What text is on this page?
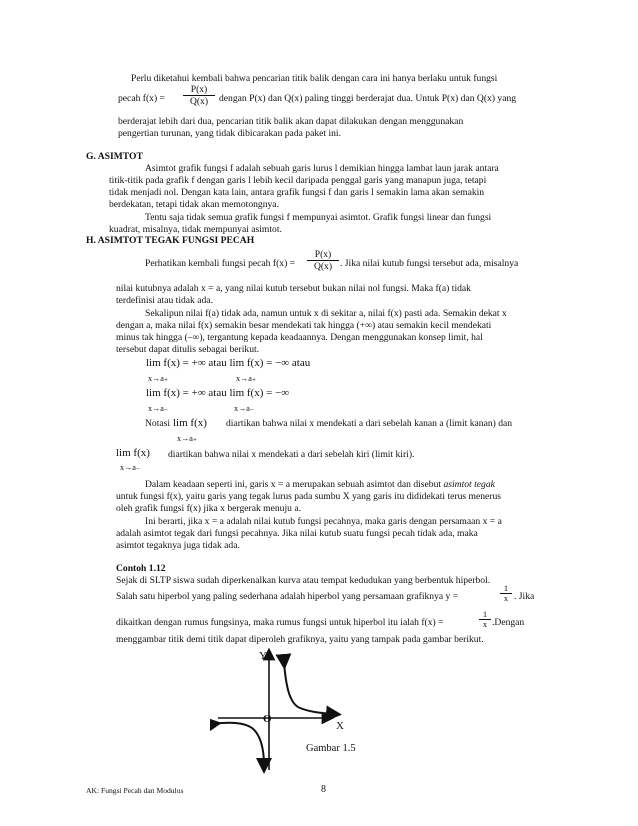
Perlu diketahui kembali bahwa pencarian titik balik dengan cara ini hanya berlaku untuk fungsi
pecah $f(x) = \frac{P(x)}{Q(x)}$ dengan P(x) dan Q(x) paling tinggi berderajat dua. Untuk P(x) dan Q(x) yang
berderajat lebih dari dua, pencarian titik balik akan dapat dilakukan dengan menggunakan
pengertian turunan, yang tidak dibicarakan pada paket ini.
G. ASIMTOT
Asimtot grafik fungsi f adalah sebuah garis lurus l demikian hingga lambat laun jarak antara
titik-titik pada grafik f dengan garis l lebih kecil daripada penggal garis yang manapun juga, tetapi
tidak menjadi nol. Dengan kata lain, antara grafik fungsi f dan garis l semakin lama akan semakin
berdekatan, tetapi tidak akan memotongnya.
Tentu saja tidak semua grafik fungsi f mempunyai asimtot. Grafik fungsi linear dan fungsi
kuadrat, misalnya, tidak mempunyai asimtot.
H. ASIMTOT TEGAK FUNGSI PECAH
Perhatikan kembali fungsi pecah $f(x) = \frac{P(x)}{Q(x)}$ . Jika nilai kutub fungsi tersebut ada, misalnya
nilai kutubnya adalah x = a, yang nilai kutub tersebut bukan nilai nol fungsi. Maka f(a) tidak
terdefinisi atau tidak ada.
Sekalipun nilai f(a) tidak ada, namun untuk x di sekitar a, nilai f(x) pasti ada. Semakin dekat x
dengan a, maka nilai f(x) semakin besar mendekati tak hingga (+∞) atau semakin kecil mendekati
minus tak hingga (–∞), tergantung kepada keadaannya. Dengan menggunakan konsep limit, hal
tersebut dapat ditulis sebagai berikut.
lim f(x) = +∞ atau lim f(x) = −∞ atau
x→a₊	x→a₊
lim f(x) = +∞ atau lim f(x) = −∞
x→a₋	x→a₋
Notasi lim f(x) diartikan bahwa nilai x mendekati a dari sebelah kanan a (limit kanan) dan
x→a₊
lim f(x) diartikan bahwa nilai x mendekati a dari sebelah kiri (limit kiri).
x→a₋
Dalam keadaan seperti ini, garis x = a merupakan sebuah asimtot dan disebut asimtot tegak
untuk fungsi f(x), yaitu garis yang tegak lurus pada sumbu X yang garis itu dididekati terus menerus
oleh grafik fungsi f(x) jika x bergerak menuju a.
Ini berarti, jika x = a adalah nilai kutub fungsi pecahnya, maka garis dengan persamaan x = a
adalah asimtot tegak dari fungsi pecahnya. Jika nilai kutub suatu fungsi pecah tidak ada, maka
asimtot tegaknya juga tidak ada.
Contoh 1.12
Sejak di SLTP siswa sudah diperkenalkan kurva atau tempat kedudukan yang berbentuk hiperbol.
Salah satu hiperbol yang paling sederhana adalah hiperbol yang persamaan grafiknya y =	$\frac{1}{x}$ . Jika
dikaitkan dengan rumus fungsinya, maka rumus fungsi untuk hiperbol itu ialah f(x) =	$\frac{1}{x}$ .Dengan
menggambar titik demi titik dapat diperoleh grafiknya, yaitu yang tampak pada gambar berikut.
Y
O
X
Gambar 1.5
AK: Fungsi Pecah dan Modulus	8
